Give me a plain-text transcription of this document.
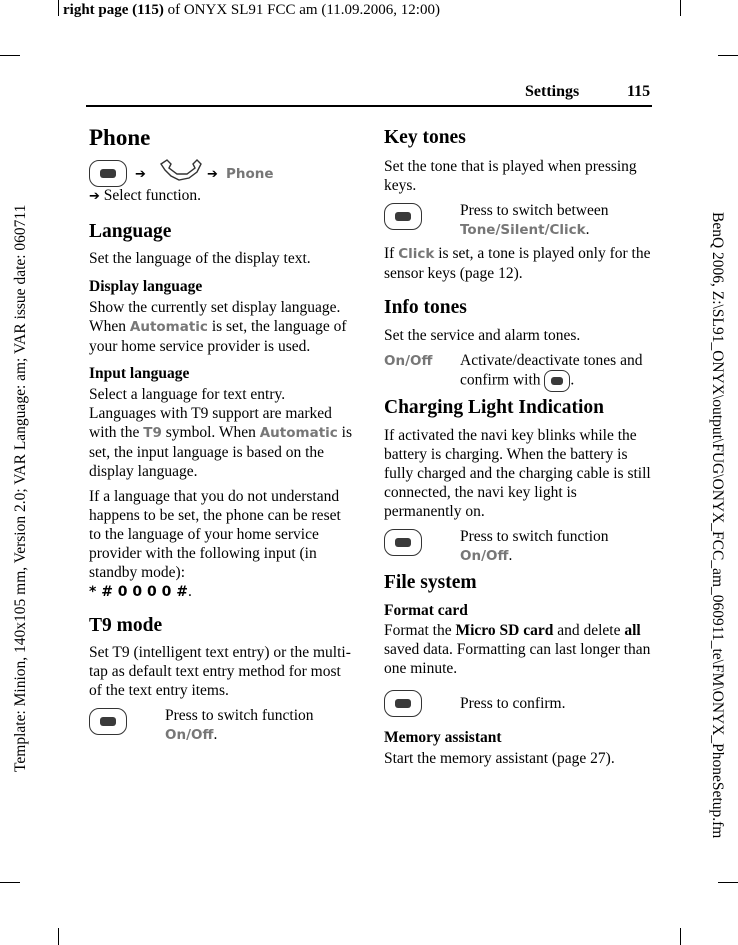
right page (115) of ONYX SL91 FCC am (11.09.2006, 12:00)
Template: Minion, 140x105 mm, Version 2.0; VAR Language: am; VAR issue date: 060711	BenQ 2006, Z:\SL91_ONYX\output\FUG\ONYX_FCC_am_060911_te\FM\ONYX_PhoneSetup.fm
Settings	115
Phone
➔	➔ Phone
➔ Select function.
Language

Set the language of the display text.

Display language

Show the currently set display language. When Automatic is set, the language of your home service provider is used.

Input language

Select a language for text entry. Languages with T9 support are marked with the T9 symbol. When Automatic is set, the input language is based on the display language.

If a language that you do not understand happens to be set, the phone can be reset to the language of your home service provider with the following input (in standby mode):
* # 0 0 0 0 #.

T9 mode

Set T9 (intelligent text entry) or the multi-tap as default text entry method for most of the text entry items.

Press to switch function On/Off.
Key tones

Set the tone that is played when pressing keys.

Press to switch between Tone/Silent/Click.

If Click is set, a tone is played only for the sensor keys (page 12).

Info tones

Set the service and alarm tones.

On/Off Activate/deactivate tones and confirm with .
Charging Light Indication

If activated the navi key blinks while the battery is charging. When the battery is fully charged and the charging cable is still connected, the navi key light is permanently on.

Press to switch function On/Off.
File system
Format card

Format the Micro SD card and delete all saved data. Formatting can last longer than one minute.

Press to confirm.
Memory assistant

Start the memory assistant (page 27).
